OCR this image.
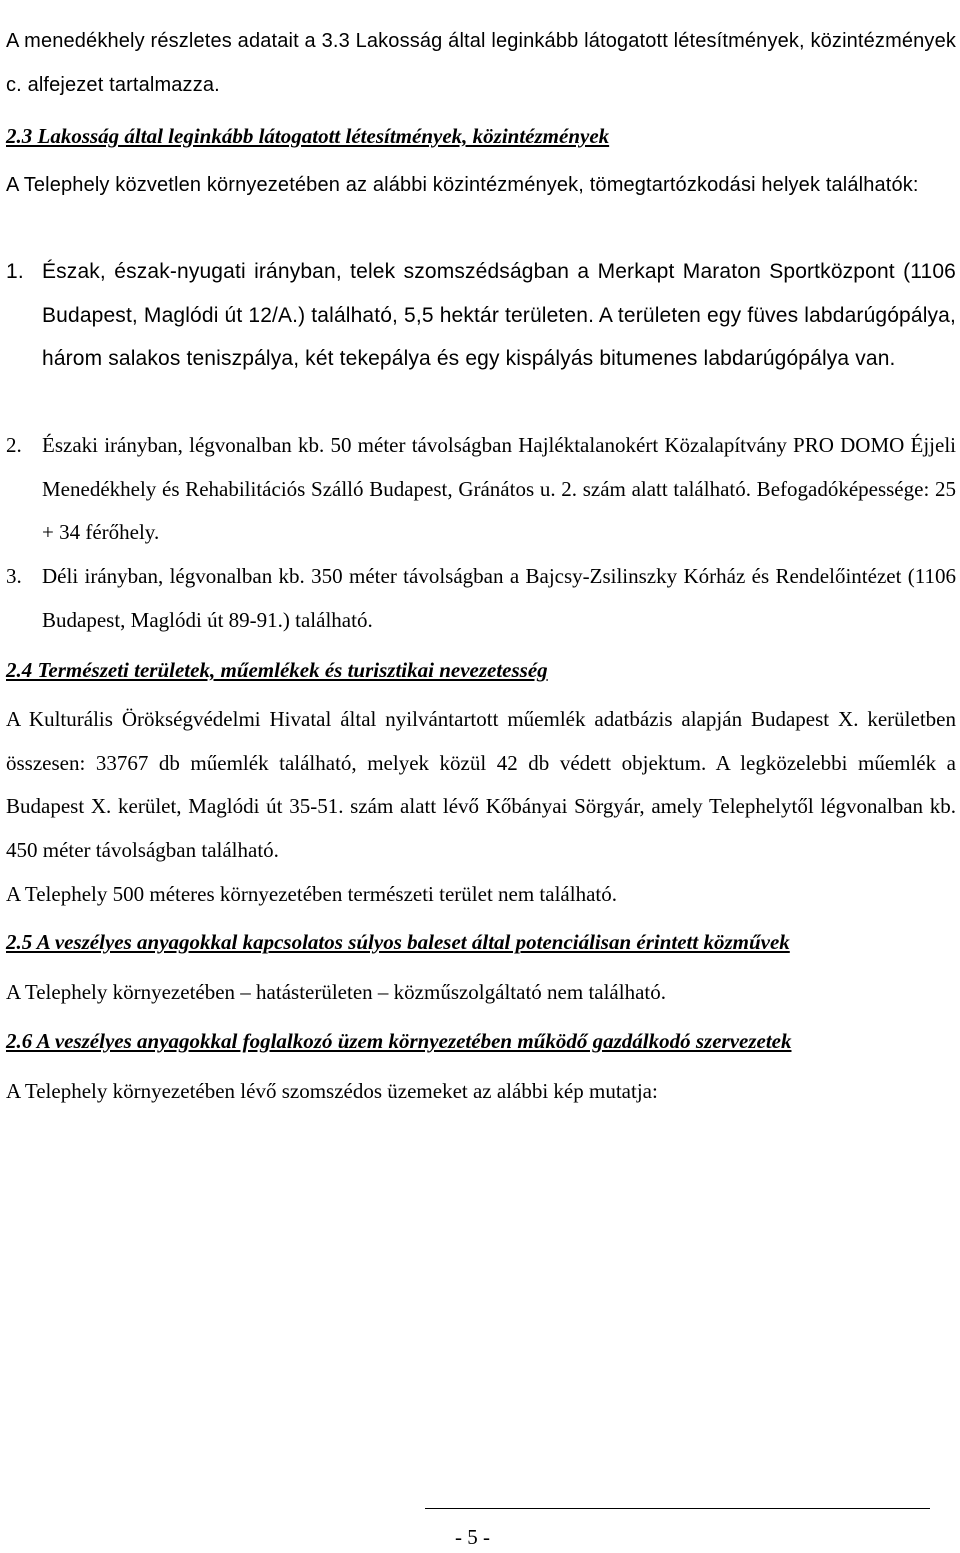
A menedékhely részletes adatait a 3.3 Lakosság által leginkább látogatott létesítmények, közintézmények c. alfejezet tartalmazza.
2.3 Lakosság által leginkább látogatott létesítmények, közintézmények
A Telephely közvetlen környezetében az alábbi közintézmények, tömegtartózkodási helyek találhatók:
1. Észak, észak-nyugati irányban, telek szomszédságban a Merkapt Maraton Sportközpont (1106 Budapest, Maglódi út 12/A.) található, 5,5 hektár területen. A területen egy füves labdarúgópálya, három salakos teniszpálya, két tekepálya és egy kispályás bitumenes labdarúgópálya van.
2. Északi irányban, légvonalban kb. 50 méter távolságban Hajléktalanokért Közalapítvány PRO DOMO Éjjeli Menedékhely és Rehabilitációs Szálló Budapest, Gránátos u. 2. szám alatt található. Befogadóképessége: 25 + 34 férőhely.
3. Déli irányban, légvonalban kb. 350 méter távolságban a Bajcsy-Zsilinszky Kórház és Rendelőintézet (1106 Budapest, Maglódi út 89-91.) található.
2.4 Természeti területek, műemlékek és turisztikai nevezetesség
A Kulturális Örökségvédelmi Hivatal által nyilvántartott műemlék adatbázis alapján Budapest X. kerületben összesen: 33767 db műemlék található, melyek közül 42 db védett objektum. A legközelebbi műemlék a Budapest X. kerület, Maglódi út 35-51. szám alatt lévő Kőbányai Sörgyár, amely Telephelytől légvonalban kb. 450 méter távolságban található.
A Telephely 500 méteres környezetében természeti terület nem található.
2.5 A veszélyes anyagokkal kapcsolatos súlyos baleset által potenciálisan érintett közművek
A Telephely környezetében – hatásterületen – közműszolgáltató nem található.
2.6 A veszélyes anyagokkal foglalkozó üzem környezetében működő gazdálkodó szervezetek
A Telephely környezetében lévő szomszédos üzemeket az alábbi kép mutatja:
- 5 -
